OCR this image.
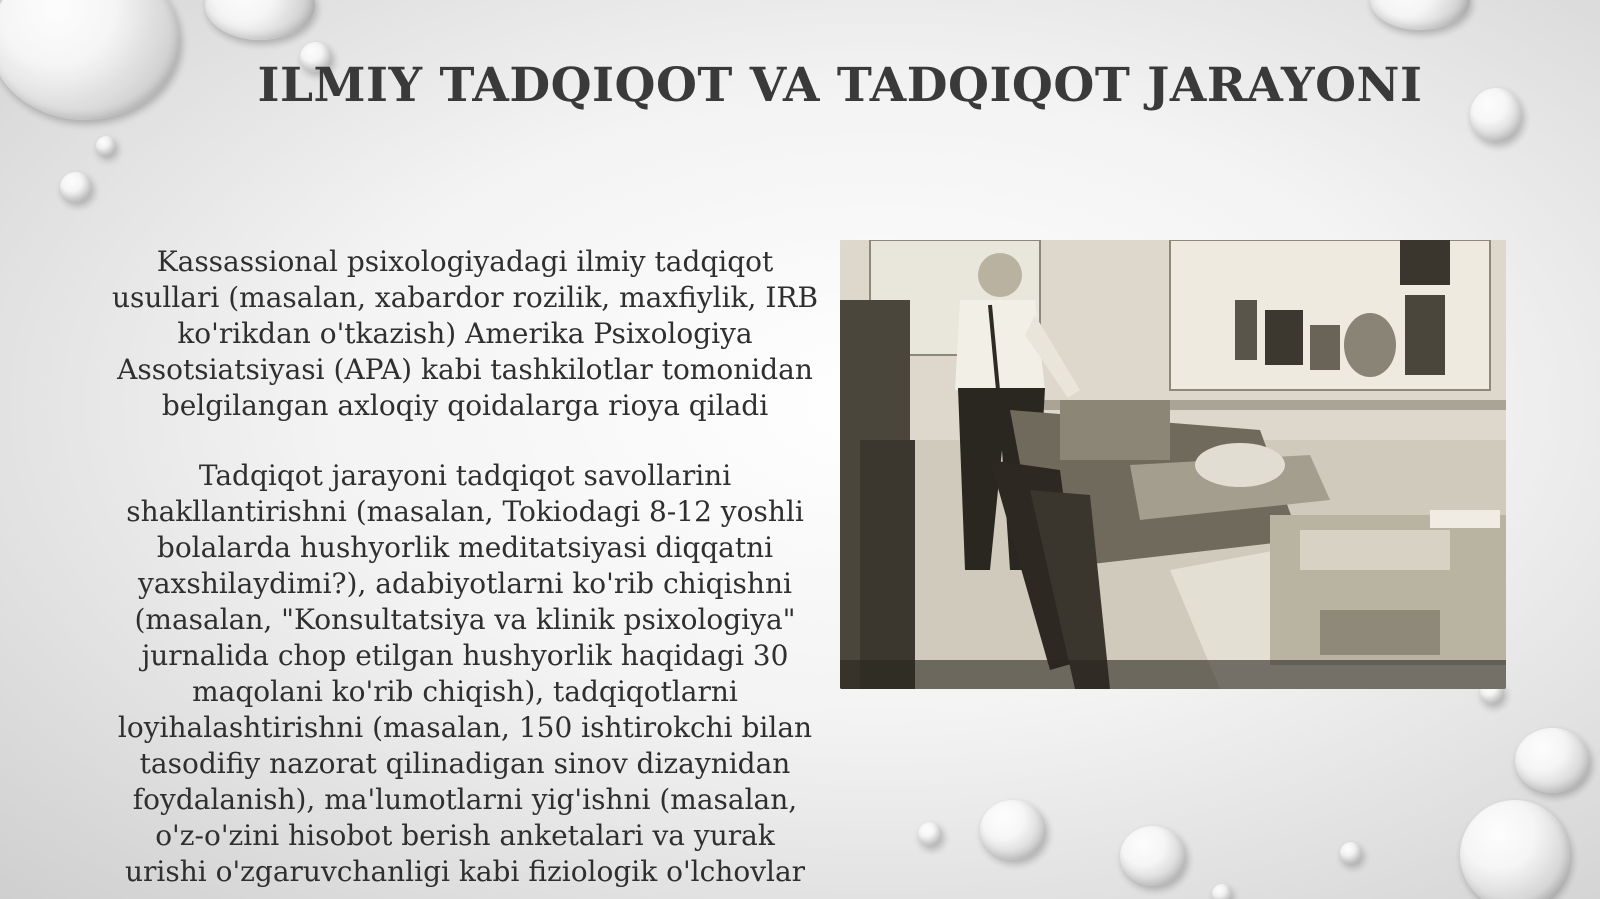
ILMIY TADQIQOT VA TADQIQOT JARAYONI

Kassassional psixologiyadagi ilmiy tadqiqot usullari (masalan, xabardor rozilik, maxfiylik, IRB ko'rikdan o'tkazish) Amerika Psixologiya Assotsiatsiyasi (APA) kabi tashkilotlar tomonidan belgilangan axloqiy qoidalarga rioya qiladi

Tadqiqot jarayoni tadqiqot savollarini shakllantirishni (masalan, Tokiodagi 8-12 yoshli bolalarda hushyorlik meditatsiyasi diqqatni yaxshilaydimi?), adabiyotlarni ko'rib chiqishni (masalan, "Konsultatsiya va klinik psixologiya" jurnalida chop etilgan hushyorlik haqidagi 30 maqolani ko'rib chiqish), tadqiqotlarni loyihalashtirishni (masalan, 150 ishtirokchi bilan tasodifiy nazorat qilinadigan sinov dizaynidan foydalanish), ma'lumotlarni yig'ishni (masalan, o'z-o'zini hisobot berish anketalari va yurak urishi o'zgaruvchanligi kabi fiziologik o'lchovlar
